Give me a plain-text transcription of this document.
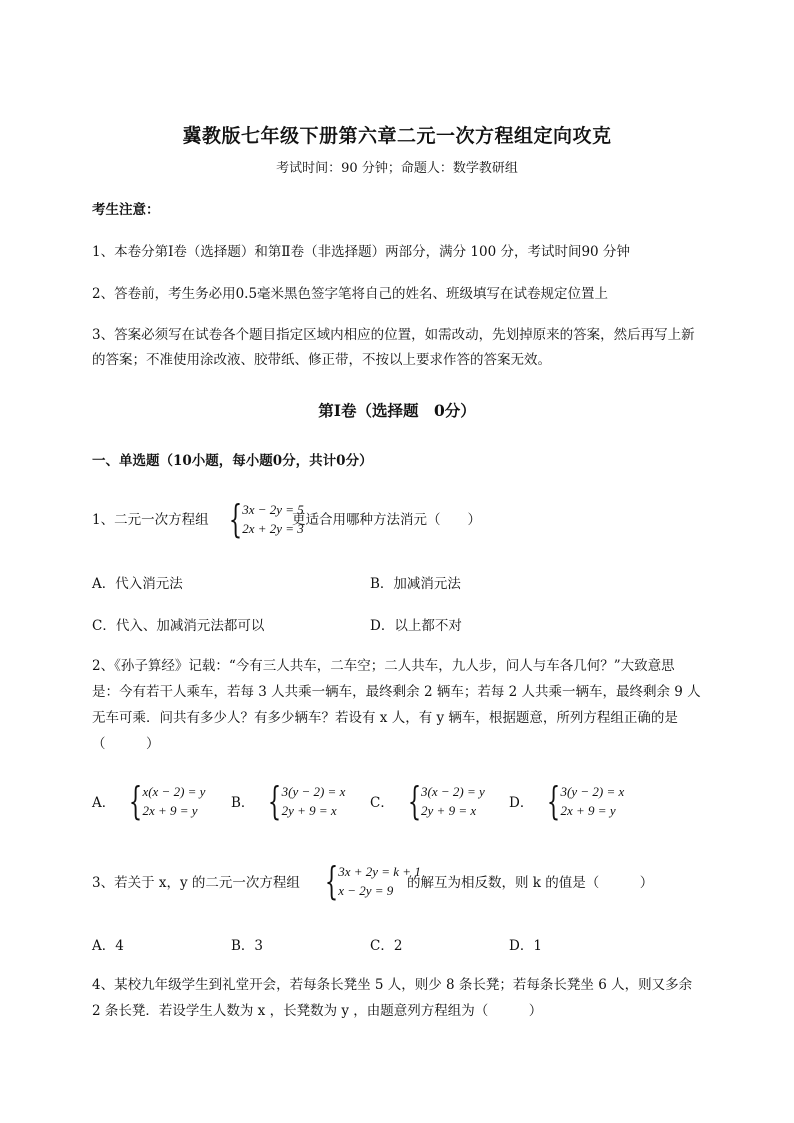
冀教版七年级下册第六章二元一次方程组定向攻克
考试时间：90 分钟；命题人：数学教研组
考生注意：
1、本卷分第Ⅰ卷（选择题）和第Ⅱ卷（非选择题）两部分，满分 100 分，考试时间90 分钟
2、答卷前，考生务必用0.5毫米黑色签字笔将自己的姓名、班级填写在试卷规定位置上
3、答案必须写在试卷各个题目指定区域内相应的位置，如需改动，先划掉原来的答案，然后再写上新
的答案；不准使用涂改液、胶带纸、修正带，不按以上要求作答的答案无效。
第Ⅰ卷（选择题　0分）
一、单选题（10小题，每小题0分，共计0分）
1、二元一次方程组 { 3x − 2y = 5
2x + 2y = 3
更适合用哪种方法消元（　　）
A．代入消元法	B．加减消元法
C．代入、加减消元法都可以	D．以上都不对
2、《孙子算经》记载：“今有三人共车，二车空；二人共车，九人步，问人与车各几何？”大致意思
是：今有若干人乘车，若每 3 人共乘一辆车，最终剩余 2 辆车；若每 2 人共乘一辆车，最终剩余 9 人
无车可乘．问共有多少人？有多少辆车？若设有 x 人，有 y 辆车，根据题意，所列方程组正确的是
（　　　）
A． { x(x − 2) = y
2x + 9 = y	B． { 3(y − 2) = x
2y + 9 = x	C． { 3(x − 2) = y
2y + 9 = x	D． { 3(y − 2) = x
2x + 9 = y
3、若关于 x，y 的二元一次方程组 { 3x + 2y = k + 1
x − 2y = 9	的解互为相反数，则 k 的值是（　　　）
A．4	B．3	C．2	D．1
4、某校九年级学生到礼堂开会，若每条长凳坐 5 人，则少 8 条长凳；若每条长凳坐 6 人，则又多余
2 条长凳．若设学生人数为 x ，长凳数为 y ，由题意列方程组为（　　　）
